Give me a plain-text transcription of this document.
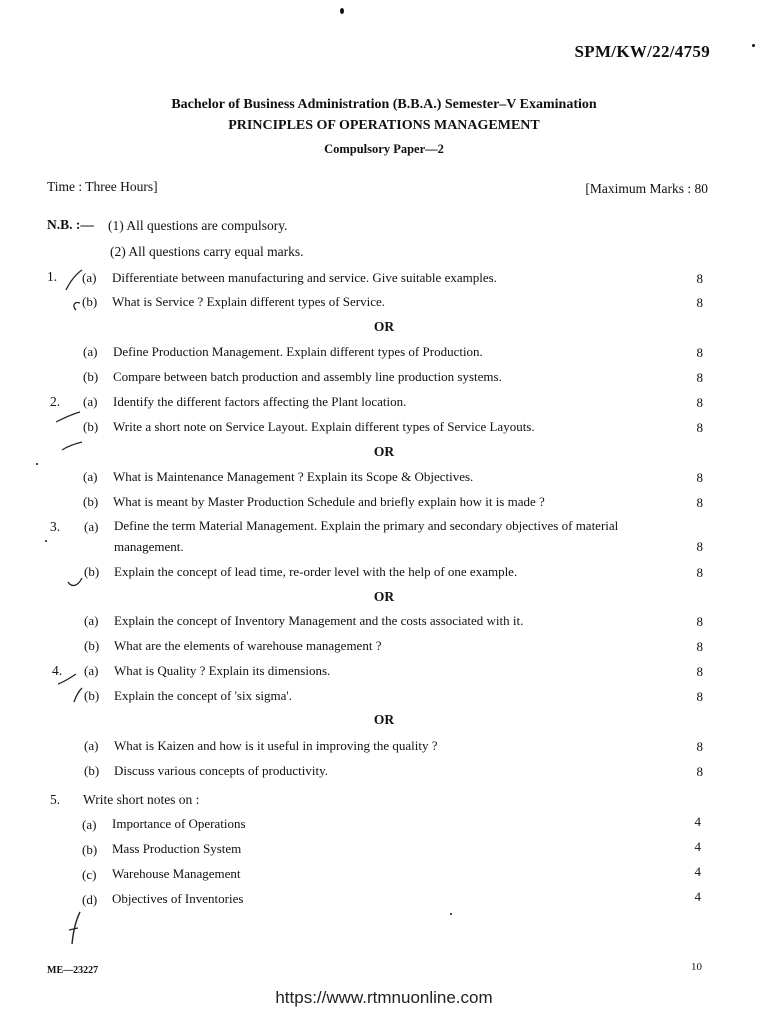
SPM/KW/22/4759
Bachelor of Business Administration (B.B.A.) Semester–V Examination
PRINCIPLES OF OPERATIONS MANAGEMENT
Compulsory Paper—2
Time : Three Hours]	[Maximum Marks : 80
N.B. :— (1) All questions are compulsory.
(2) All questions carry equal marks.
1. (a) Differentiate between manufacturing and service. Give suitable examples.	8
(b) What is Service ? Explain different types of Service.	8
OR
(a) Define Production Management. Explain different types of Production.	8
(b) Compare between batch production and assembly line production systems.	8
2. (a) Identify the different factors affecting the Plant location.	8
(b) Write a short note on Service Layout. Explain different types of Service Layouts.	8
OR
(a) What is Maintenance Management ? Explain its Scope & Objectives.	8
(b) What is meant by Master Production Schedule and briefly explain how it is made ?	8
3. (a) Define the term Material Management. Explain the primary and secondary objectives of material
management.	8
(b) Explain the concept of lead time, re-order level with the help of one example.	8
OR
(a) Explain the concept of Inventory Management and the costs associated with it.	8
(b) What are the elements of warehouse management ?	8
4. (a) What is Quality ? Explain its dimensions.	8
(b) Explain the concept of 'six sigma'.	8
OR
(a) What is Kaizen and how is it useful in improving the quality ?	8
(b) Discuss various concepts of productivity.	8
5. Write short notes on :
(a) Importance of Operations	4
(b) Mass Production System	4
(c) Warehouse Management	4
(d) Objectives of Inventories	4
ME—23227	10
https://www.rtmnuonline.com
